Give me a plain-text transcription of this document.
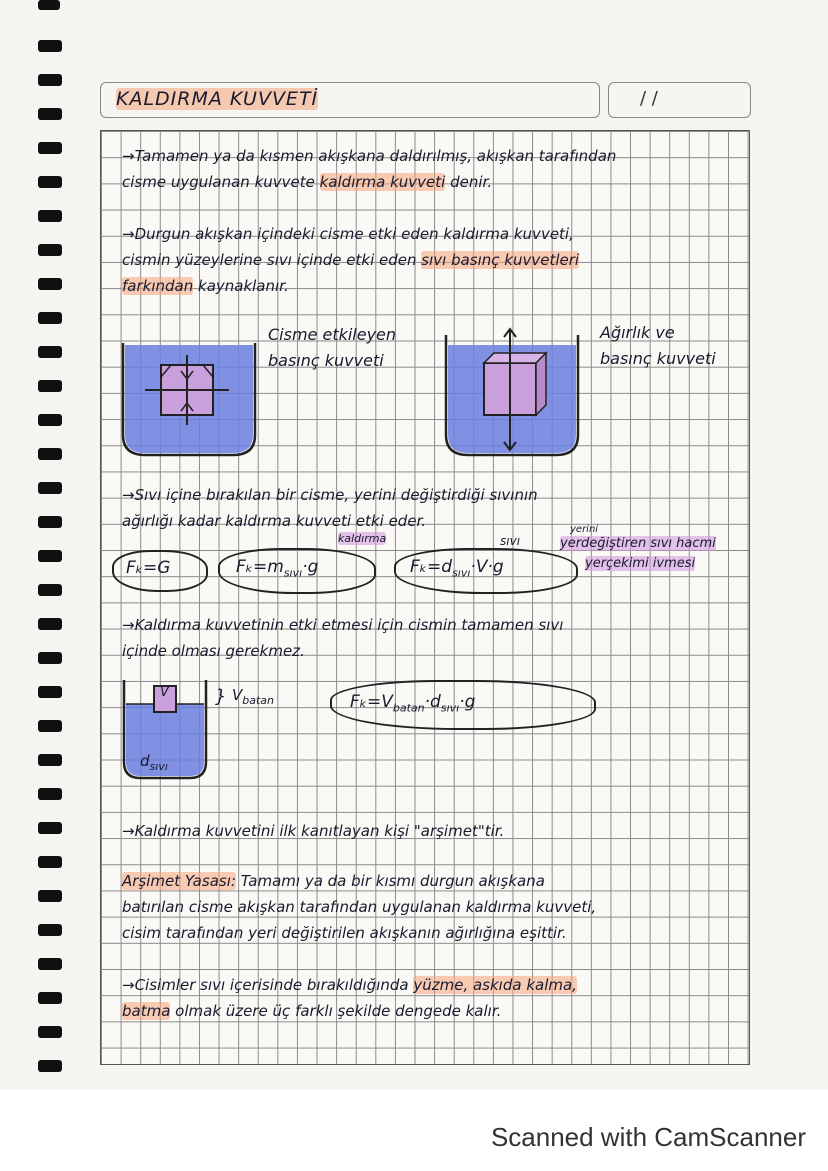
KALDIRMA KUVVETİ	/ /
→Tamamen ya da kısmen akışkana daldırılmış, akışkan tarafından
cisme uygulanan kuvvete kaldırma kuvveti denir.
→Durgun akışkan içindeki cisme etki eden kaldırma kuvveti,
cismin yüzeylerine sıvı içinde etki eden sıvı basınç kuvvetleri
farkından kaynaklanır.
Cisme etkileyen
basınç kuvveti
Ağırlık ve
basınç kuvveti
→Sıvı içine bırakılan bir cisme, yerini değiştirdiği sıvının
ağırlığı kadar kaldırma kuvveti etki eder.
kaldırma	sıvı
yerini
yerdeğiştiren sıvı hacmi
yerçekimi ivmesi
Fₖ=G	$F_k=m_{sıvı}\cdot g$	$F_k=d_{sıvı}\cdot V\cdot g$
→Kaldırma kuvvetinin etki etmesi için cismin tamamen sıvı
içinde olması gerekmez.
V	} $V_{batan}$
$d_{sıvı}$
$F_k=V_{batan}\cdot d_{sıvı}\cdot g$
→Kaldırma kuvvetini ilk kanıtlayan kişi "arşimet"tir.
Arşimet Yasası: Tamamı ya da bir kısmı durgun akışkana
batırılan cisme akışkan tarafından uygulanan kaldırma kuvveti,
cisim tarafından yeri değiştirilen akışkanın ağırlığına eşittir.
→Cisimler sıvı içerisinde bırakıldığında yüzme, askıda kalma,
batma olmak üzere üç farklı şekilde dengede kalır.
Scanned with CamScanner
